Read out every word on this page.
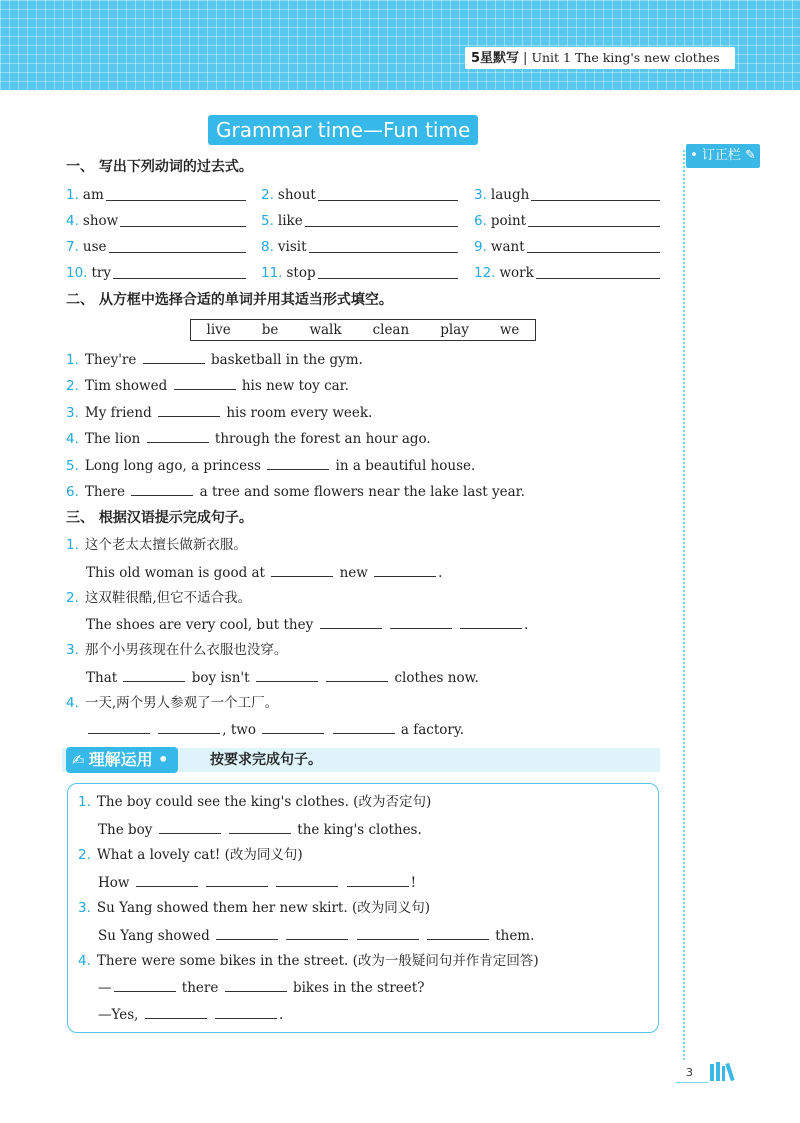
5星默写 | Unit 1 The king's new clothes
Grammar time—Fun time
• 订正栏 ✎
一、 写出下列动词的过去式。
1. am	2. shout	3. laugh
4. show	5. like	6. point
7. use	8. visit	9. want
10. try	11. stop	12. work
二、 从方框中选择合适的单词并用其适当形式填空。
live be walk clean play we
1. They're	basketball in the gym.
2. Tim showed	his new toy car.
3. My friend	his room every week.
4. The lion	through the forest an hour ago.
5. Long long ago, a princess	in a beautiful house.
6. There	a tree and some flowers near the lake last year.
三、 根据汉语提示完成句子。
1. 这个老太太擅长做新衣服。
This old woman is good at	new	.
2. 这双鞋很酷,但它不适合我。
The shoes are very cool, but they	.
3. 那个小男孩现在什么衣服也没穿。
That	boy isn't	clothes now.
4. 一天,两个男人参观了一个工厂。
, two	a factory.
✍ 理解运用 •	按要求完成句子。
1. The boy could see the king's clothes. (改为否定句)
The boy	the king's clothes.
2. What a lovely cat! (改为同义句)
How	!
3. Su Yang showed them her new skirt. (改为同义句)
Su Yang showed	them.
4. There were some bikes in the street. (改为一般疑问句并作肯定回答)
—	there	bikes in the street?
—Yes,	.
3
